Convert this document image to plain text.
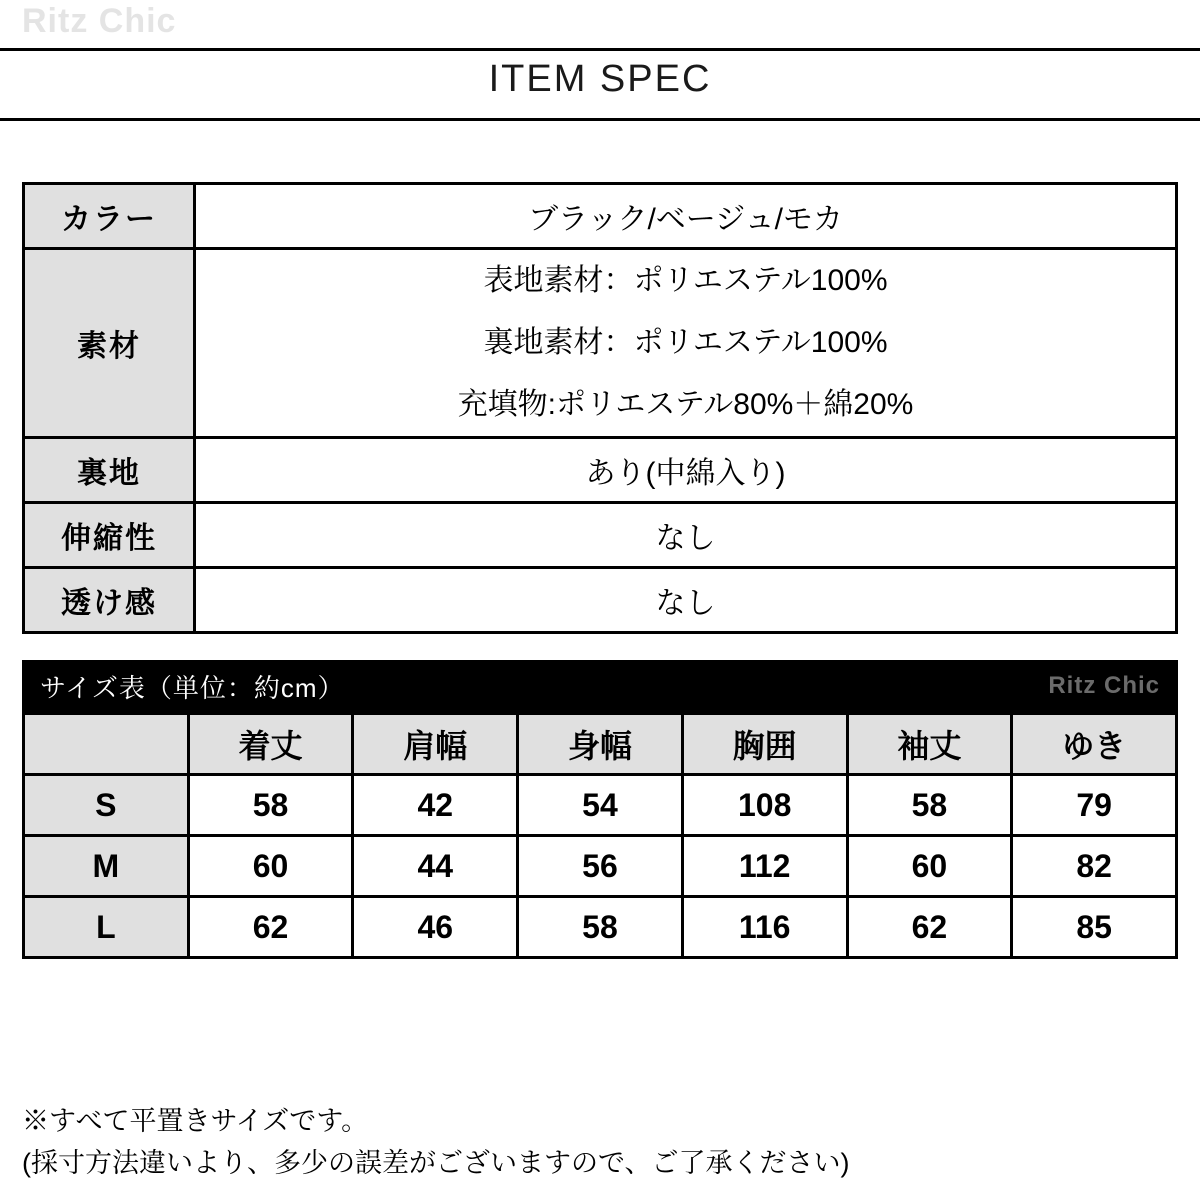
Ritz Chic
ITEM SPEC
カラー	ブラック/ベージュ/モカ
素材	表地素材：ポリエステル100%
裏地素材：ポリエステル100%
充填物:ポリエステル80%＋綿20%

裏地	あり(中綿入り)
伸縮性	なし
透け感	なし
サイズ表（単位：約cm）	Ritz Chic
	着丈	肩幅	身幅	胸囲	袖丈	ゆき
S	58	42	54	108	58	79
M	60	44	56	112	60	82
L	62	46	58	116	62	85
※すべて平置きサイズです。
(採寸方法違いより、多少の誤差がございますので、ご了承ください)
